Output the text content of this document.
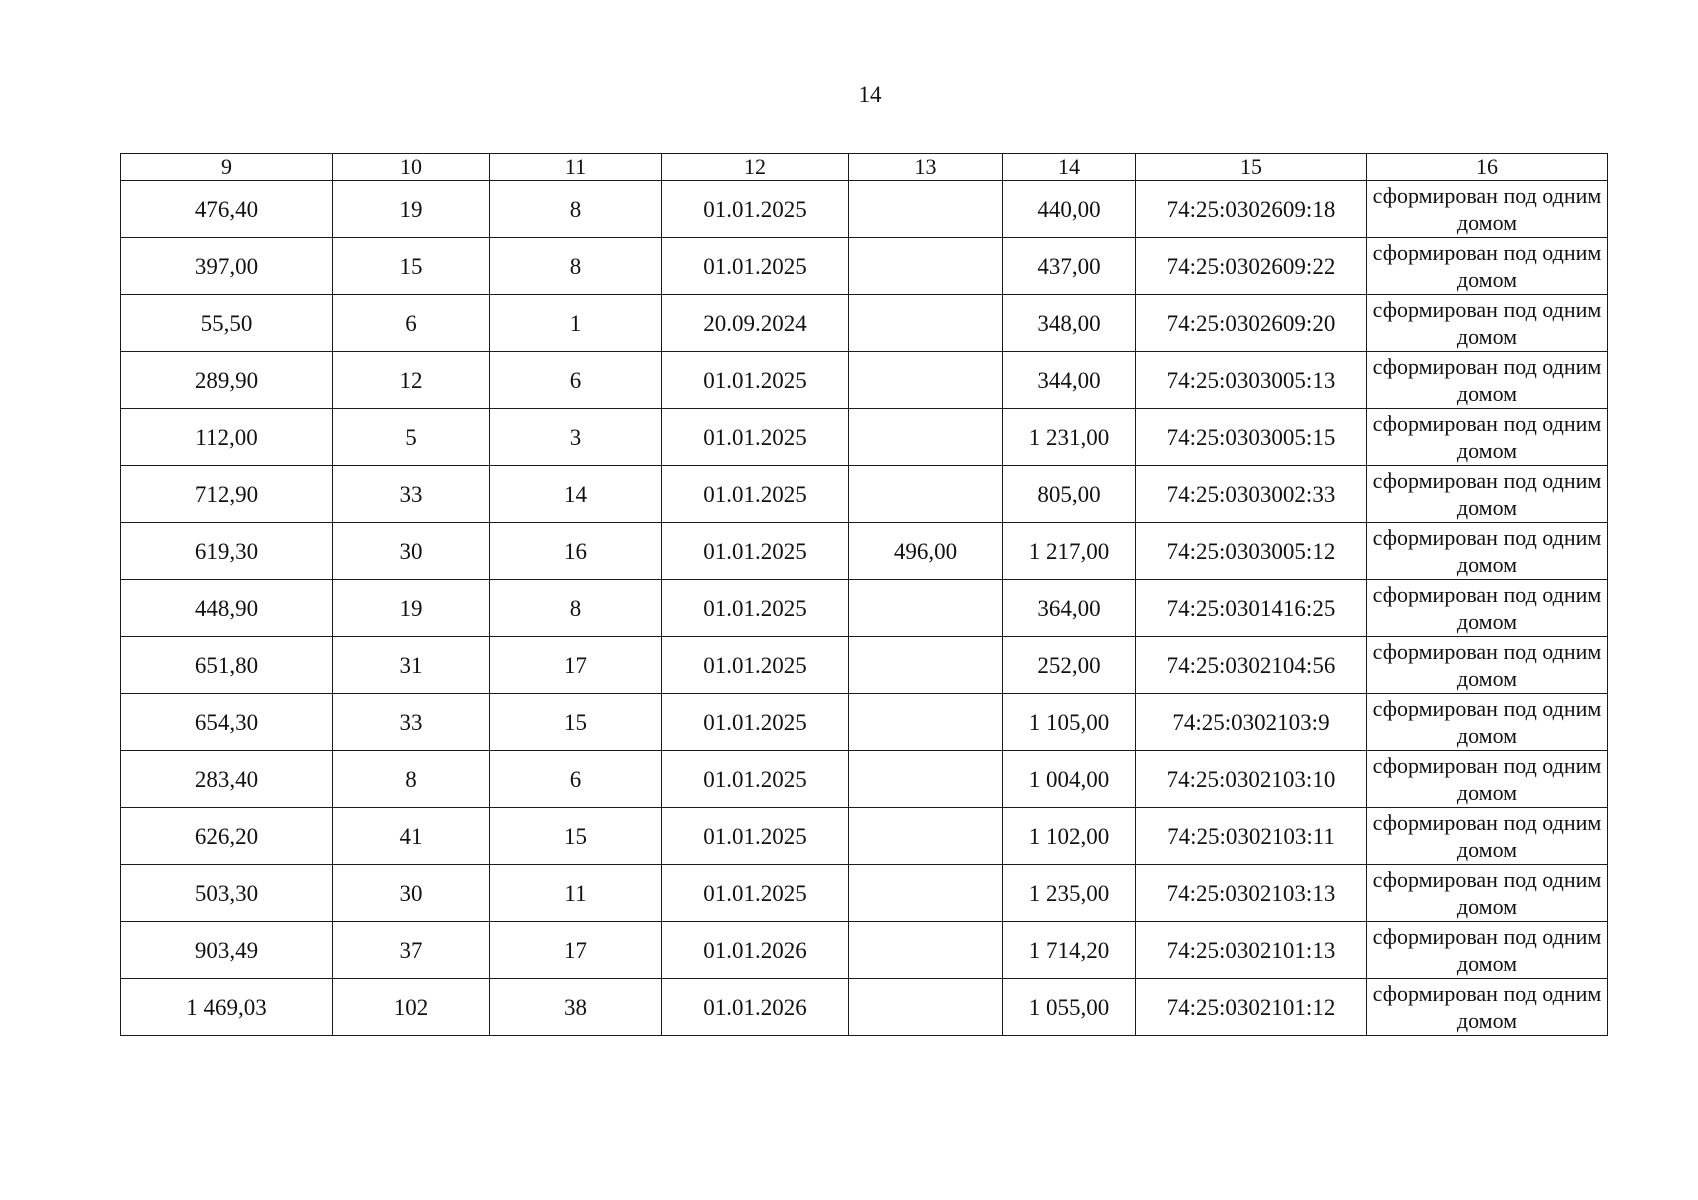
14
9	10	11	12	13	14	15	16
476,40	19	8	01.01.2025		440,00	74:25:0302609:18	сформирован под одним домом
397,00	15	8	01.01.2025		437,00	74:25:0302609:22	сформирован под одним домом
55,50	6	1	20.09.2024		348,00	74:25:0302609:20	сформирован под одним домом
289,90	12	6	01.01.2025		344,00	74:25:0303005:13	сформирован под одним домом
112,00	5	3	01.01.2025		1 231,00	74:25:0303005:15	сформирован под одним домом
712,90	33	14	01.01.2025		805,00	74:25:0303002:33	сформирован под одним домом
619,30	30	16	01.01.2025	496,00	1 217,00	74:25:0303005:12	сформирован под одним домом
448,90	19	8	01.01.2025		364,00	74:25:0301416:25	сформирован под одним домом
651,80	31	17	01.01.2025		252,00	74:25:0302104:56	сформирован под одним домом
654,30	33	15	01.01.2025		1 105,00	74:25:0302103:9	сформирован под одним домом
283,40	8	6	01.01.2025		1 004,00	74:25:0302103:10	сформирован под одним домом
626,20	41	15	01.01.2025		1 102,00	74:25:0302103:11	сформирован под одним домом
503,30	30	11	01.01.2025		1 235,00	74:25:0302103:13	сформирован под одним домом
903,49	37	17	01.01.2026		1 714,20	74:25:0302101:13	сформирован под одним домом
1 469,03	102	38	01.01.2026		1 055,00	74:25:0302101:12	сформирован под одним домом
